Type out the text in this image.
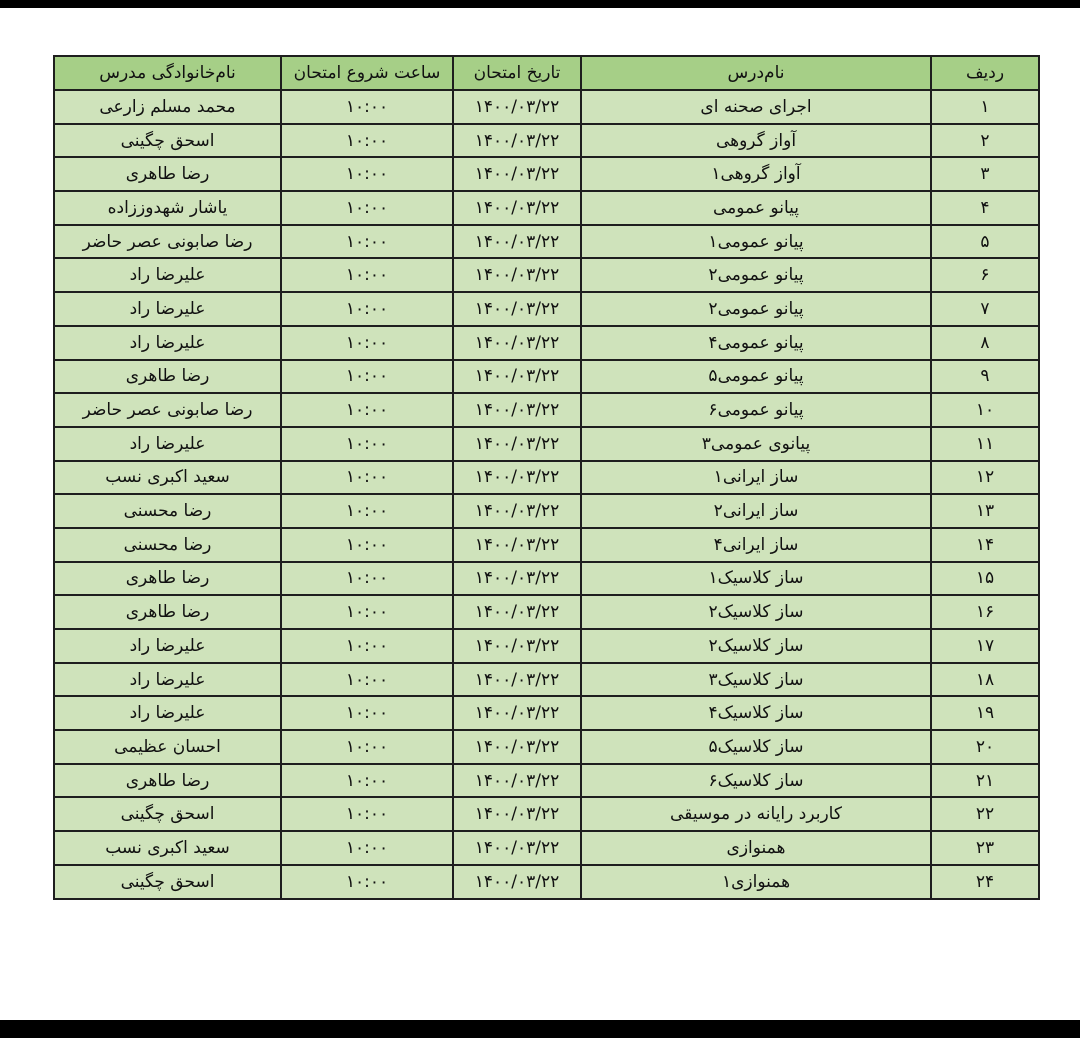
ردیف	نام‌درس	تاریخ امتحان	ساعت شروع امتحان	نام‌خانوادگی مدرس
۱	اجرای صحنه ای	۱۴۰۰/۰۳/۲۲	۱۰:۰۰	محمد مسلم زارعی
۲	آواز گروهی	۱۴۰۰/۰۳/۲۲	۱۰:۰۰	اسحق چگینی
۳	آواز گروهی۱	۱۴۰۰/۰۳/۲۲	۱۰:۰۰	رضا طاهری
۴	پیانو عمومی	۱۴۰۰/۰۳/۲۲	۱۰:۰۰	یاشار شهدوززاده
۵	پیانو عمومی۱	۱۴۰۰/۰۳/۲۲	۱۰:۰۰	رضا صابونی عصر حاضر
۶	پیانو عمومی۲	۱۴۰۰/۰۳/۲۲	۱۰:۰۰	علیرضا راد
۷	پیانو عمومی۲	۱۴۰۰/۰۳/۲۲	۱۰:۰۰	علیرضا راد
۸	پیانو عمومی۴	۱۴۰۰/۰۳/۲۲	۱۰:۰۰	علیرضا راد
۹	پیانو عمومی۵	۱۴۰۰/۰۳/۲۲	۱۰:۰۰	رضا طاهری
۱۰	پیانو عمومی۶	۱۴۰۰/۰۳/۲۲	۱۰:۰۰	رضا صابونی عصر حاضر
۱۱	پیانوی عمومی۳	۱۴۰۰/۰۳/۲۲	۱۰:۰۰	علیرضا راد
۱۲	ساز ایرانی۱	۱۴۰۰/۰۳/۲۲	۱۰:۰۰	سعید اکبری نسب
۱۳	ساز ایرانی۲	۱۴۰۰/۰۳/۲۲	۱۰:۰۰	رضا محسنی
۱۴	ساز ایرانی۴	۱۴۰۰/۰۳/۲۲	۱۰:۰۰	رضا محسنی
۱۵	ساز کلاسیک۱	۱۴۰۰/۰۳/۲۲	۱۰:۰۰	رضا طاهری
۱۶	ساز کلاسیک۲	۱۴۰۰/۰۳/۲۲	۱۰:۰۰	رضا طاهری
۱۷	ساز کلاسیک۲	۱۴۰۰/۰۳/۲۲	۱۰:۰۰	علیرضا راد
۱۸	ساز کلاسیک۳	۱۴۰۰/۰۳/۲۲	۱۰:۰۰	علیرضا راد
۱۹	ساز کلاسیک۴	۱۴۰۰/۰۳/۲۲	۱۰:۰۰	علیرضا راد
۲۰	ساز کلاسیک۵	۱۴۰۰/۰۳/۲۲	۱۰:۰۰	احسان عظیمی
۲۱	ساز کلاسیک۶	۱۴۰۰/۰۳/۲۲	۱۰:۰۰	رضا طاهری
۲۲	کاربرد رایانه در موسیقی	۱۴۰۰/۰۳/۲۲	۱۰:۰۰	اسحق چگینی
۲۳	همنوازی	۱۴۰۰/۰۳/۲۲	۱۰:۰۰	سعید اکبری نسب
۲۴	همنوازی۱	۱۴۰۰/۰۳/۲۲	۱۰:۰۰	اسحق چگینی
